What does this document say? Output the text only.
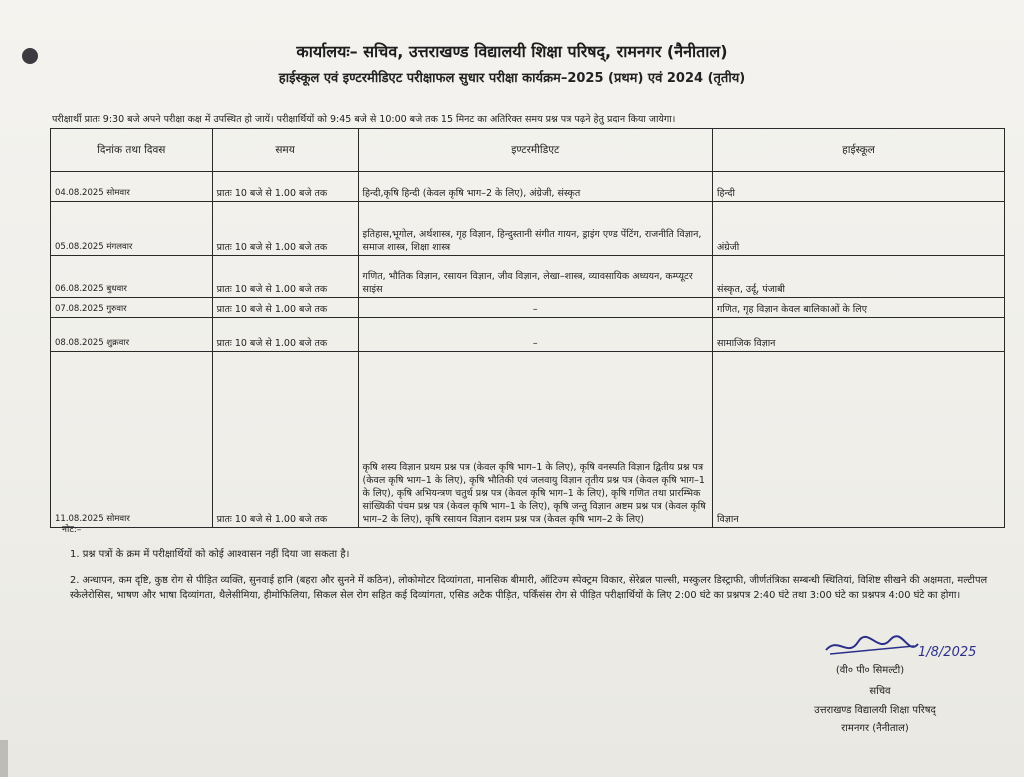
कार्यालयः– सचिव, उत्तराखण्ड विद्यालयी शिक्षा परिषद्, रामनगर (नैनीताल)
हाईस्कूल एवं इण्टरमीडिएट परीक्षाफल सुधार परीक्षा कार्यक्रम–2025 (प्रथम) एवं 2024 (तृतीय)
परीक्षार्थी प्रातः 9:30 बजे अपने परीक्षा कक्ष में उपस्थित हो जायें। परीक्षार्थियों को 9:45 बजे से 10:00 बजे तक 15 मिनट का अतिरिक्त समय प्रश्न पत्र पढ़ने हेतु प्रदान किया जायेगा।
दिनांक तथा दिवस	समय	इण्टरमीडिएट	हाईस्कूल
04.08.2025 सोमवार	प्रातः 10 बजे से 1.00 बजे तक	हिन्दी,कृषि हिन्दी (केवल कृषि भाग–2 के लिए), अंग्रेजी, संस्कृत	हिन्दी
05.08.2025 मंगलवार	प्रातः 10 बजे से 1.00 बजे तक	इतिहास,भूगोल, अर्थशास्त्र, गृह विज्ञान, हिन्दुस्तानी संगीत गायन, ड्राइंग एण्ड पेंटिंग, राजनीति विज्ञान, समाज शास्त्र, शिक्षा शास्त्र	अंग्रेजी
06.08.2025 बुधवार	प्रातः 10 बजे से 1.00 बजे तक	गणित, भौतिक विज्ञान, रसायन विज्ञान, जीव विज्ञान, लेखा–शास्त्र, व्यावसायिक अध्ययन, कम्प्यूटर साइंस	संस्कृत, उर्दू, पंजाबी
07.08.2025 गुरुवार	प्रातः 10 बजे से 1.00 बजे तक	–	गणित, गृह विज्ञान केवल बालिकाओं के लिए
08.08.2025 शुक्रवार	प्रातः 10 बजे से 1.00 बजे तक	–	सामाजिक विज्ञान
11.08.2025 सोमवार	प्रातः 10 बजे से 1.00 बजे तक	कृषि शस्य विज्ञान प्रथम प्रश्न पत्र (केवल कृषि भाग–1 के लिए), कृषि वनस्पति विज्ञान द्वितीय प्रश्न पत्र (केवल कृषि भाग–1 के लिए), कृषि भौतिकी एवं जलवायु विज्ञान तृतीय प्रश्न पत्र (केवल कृषि भाग–1 के लिए), कृषि अभियन्त्रण चतुर्थ प्रश्न पत्र (केवल कृषि भाग–1 के लिए), कृषि गणित तथा प्रारम्भिक सांख्यिकी पंचम प्रश्न पत्र (केवल कृषि भाग–1 के लिए), कृषि जन्तु विज्ञान अष्टम प्रश्न पत्र (केवल कृषि भाग–2 के लिए), कृषि रसायन विज्ञान दशम प्रश्न पत्र (केवल कृषि भाग–2 के लिए)	विज्ञान
नोट:–
1. प्रश्न पत्रों के क्रम में परीक्षार्थियों को कोई आश्वासन नहीं दिया जा सकता है।
2. अन्धापन, कम दृष्टि, कुष्ठ रोग से पीड़ित व्यक्ति, सुनवाई हानि (बहरा और सुनने में कठिन), लोकोमोटर दिव्यांगता, मानसिक बीमारी, ऑटिज्म स्पेक्ट्रम विकार, सेरेब्रल पाल्सी, मस्कुलर डिस्ट्राफी, जीर्णतंत्रिका सम्बन्धी स्थितियां, विशिष्ट सीखने की अक्षमता, मल्टीपल स्केलेरोसिस, भाषण और भाषा दिव्यांगता, थैलेसीमिया, हीमोफिलिया, सिकल सेल रोग सहित कई दिव्यांगता, एसिड अटैक पीड़ित, पर्किंसंस रोग से पीड़ित परीक्षार्थियों के लिए 2:00 घंटे का प्रश्नपत्र 2:40 घंटे तथा 3:00 घंटे का प्रश्नपत्र 4:00 घंटे का होगा।
1/8/2025
(वी० पी० सिमल्टी)
सचिव
उत्तराखण्ड विद्यालयी शिक्षा परिषद्
रामनगर (नैनीताल)
